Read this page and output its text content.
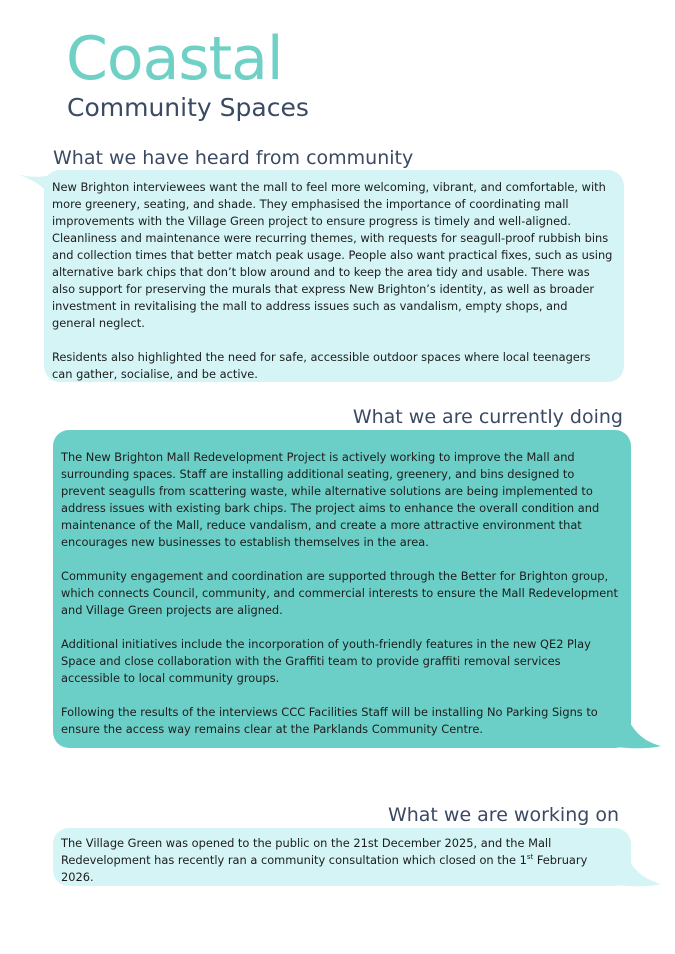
Coastal
Community Spaces
What we have heard from community

New Brighton interviewees want the mall to feel more welcoming, vibrant, and comfortable, with more greenery, seating, and shade. They emphasised the importance of coordinating mall improvements with the Village Green project to ensure progress is timely and well-aligned. Cleanliness and maintenance were recurring themes, with requests for seagull-proof rubbish bins and collection times that better match peak usage. People also want practical fixes, such as using alternative bark chips that don’t blow around and to keep the area tidy and usable. There was also support for preserving the murals that express New Brighton’s identity, as well as broader investment in revitalising the mall to address issues such as vandalism, empty shops, and general neglect.

Residents also highlighted the need for safe, accessible outdoor spaces where local teenagers can gather, socialise, and be active.

What we are currently doing

The New Brighton Mall Redevelopment Project is actively working to improve the Mall and surrounding spaces. Staff are installing additional seating, greenery, and bins designed to prevent seagulls from scattering waste, while alternative solutions are being implemented to address issues with existing bark chips. The project aims to enhance the overall condition and maintenance of the Mall, reduce vandalism, and create a more attractive environment that encourages new businesses to establish themselves in the area.

Community engagement and coordination are supported through the Better for Brighton group, which connects Council, community, and commercial interests to ensure the Mall Redevelopment and Village Green projects are aligned.

Additional initiatives include the incorporation of youth-friendly features in the new QE2 Play Space and close collaboration with the Graffiti team to provide graffiti removal services accessible to local community groups.

Following the results of the interviews CCC Facilities Staff will be installing No Parking Signs to ensure the access way remains clear at the Parklands Community Centre.

What we are working on

The Village Green was opened to the public on the 21st December 2025, and the Mall Redevelopment has recently ran a community consultation which closed on the 1st February 2026.
